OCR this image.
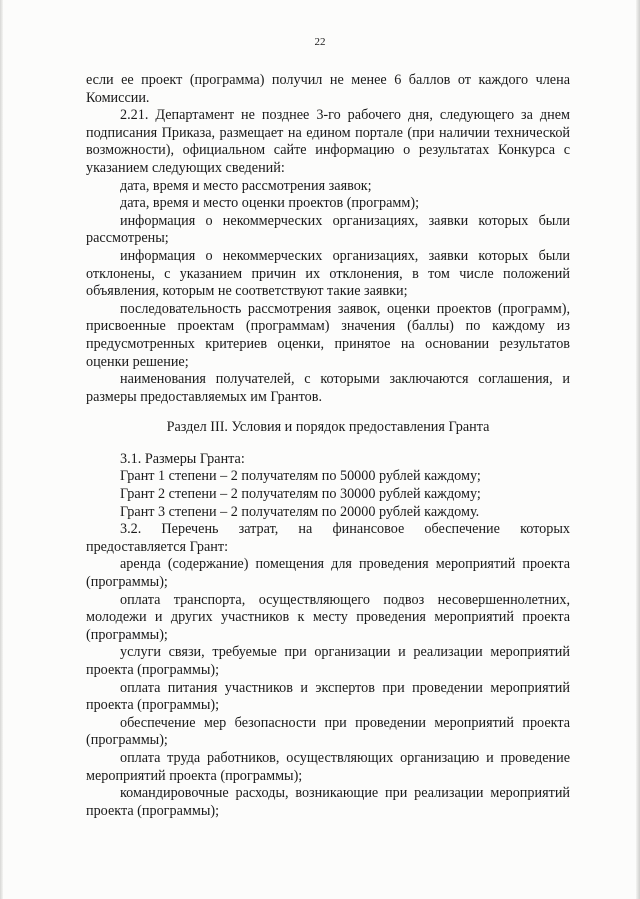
22

если ее проект (программа) получил не менее 6 баллов от каждого члена Комиссии.

2.21. Департамент не позднее 3-го рабочего дня, следующего за днем подписания Приказа, размещает на едином портале (при наличии технической возможности), официальном сайте информацию о результатах Конкурса с указанием следующих сведений:

дата, время и место рассмотрения заявок;

дата, время и место оценки проектов (программ);

информация о некоммерческих организациях, заявки которых были рассмотрены;

информация о некоммерческих организациях, заявки которых были отклонены, с указанием причин их отклонения, в том числе положений объявления, которым не соответствуют такие заявки;

последовательность рассмотрения заявок, оценки проектов (программ), присвоенные проектам (программам) значения (баллы) по каждому из предусмотренных критериев оценки, принятое на основании результатов оценки решение;

наименования получателей, с которыми заключаются соглашения, и размеры предоставляемых им Грантов.

Раздел III. Условия и порядок предоставления Гранта

3.1. Размеры Гранта:

Грант 1 степени – 2 получателям по 50000 рублей каждому;

Грант 2 степени – 2 получателям по 30000 рублей каждому;

Грант 3 степени – 2 получателям по 20000 рублей каждому.

3.2. Перечень затрат, на финансовое обеспечение которых предоставляется Грант:

аренда (содержание) помещения для проведения мероприятий проекта (программы);

оплата транспорта, осуществляющего подвоз несовершеннолетних, молодежи и других участников к месту проведения мероприятий проекта (программы);

услуги связи, требуемые при организации и реализации мероприятий проекта (программы);

оплата питания участников и экспертов при проведении мероприятий проекта (программы);

обеспечение мер безопасности при проведении мероприятий проекта (программы);

оплата труда работников, осуществляющих организацию и проведение мероприятий проекта (программы);

командировочные расходы, возникающие при реализации мероприятий проекта (программы);
